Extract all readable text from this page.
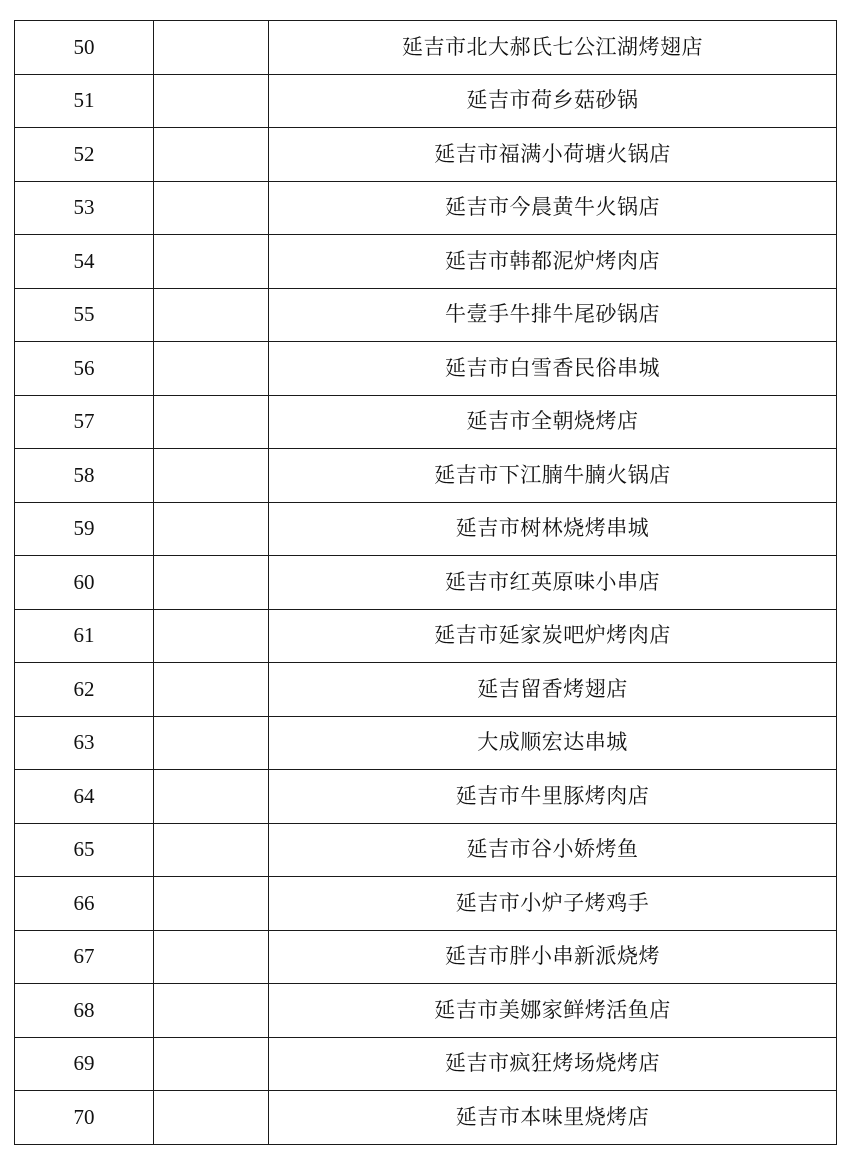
50		延吉市北大郝氏七公江湖烤翅店
51		延吉市荷乡菇砂锅
52		延吉市福满小荷塘火锅店
53		延吉市今晨黄牛火锅店
54		延吉市韩都泥炉烤肉店
55		牛壹手牛排牛尾砂锅店
56		延吉市白雪香民俗串城
57		延吉市全朝烧烤店
58		延吉市下江腩牛腩火锅店
59		延吉市树林烧烤串城
60		延吉市红英原味小串店
61		延吉市延家炭吧炉烤肉店
62		延吉留香烤翅店
63		大成顺宏达串城
64		延吉市牛里豚烤肉店
65		延吉市谷小娇烤鱼
66		延吉市小炉子烤鸡手
67		延吉市胖小串新派烧烤
68		延吉市美娜家鲜烤活鱼店
69		延吉市疯狂烤场烧烤店
70		延吉市本味里烧烤店
